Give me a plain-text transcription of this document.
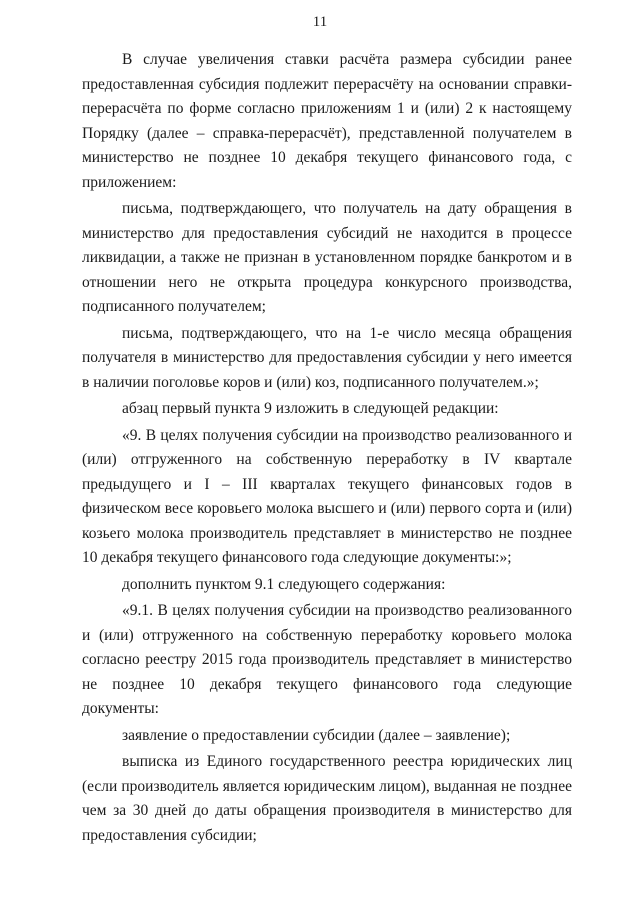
11

В случае увеличения ставки расчёта размера субсидии ранее предоставленная субсидия подлежит перерасчёту на основании справки-перерасчёта по форме согласно приложениям 1 и (или) 2 к настоящему Порядку (далее – справка-перерасчёт), представленной получателем в министерство не позднее 10 декабря текущего финансового года, с приложением:

письма, подтверждающего, что получатель на дату обращения в министерство для предоставления субсидий не находится в процессе ликвидации, а также не признан в установленном порядке банкротом и в отношении него не открыта процедура конкурсного производства, подписанного получателем;

письма, подтверждающего, что на 1-е число месяца обращения получателя в министерство для предоставления субсидии у него имеется в наличии поголовье коров и (или) коз, подписанного получателем.»;

абзац первый пункта 9 изложить в следующей редакции:

«9. В целях получения субсидии на производство реализованного и (или) отгруженного на собственную переработку в IV квартале предыдущего и I – III кварталах текущего финансовых годов в физическом весе коровьего молока высшего и (или) первого сорта и (или) козьего молока производитель представляет в министерство не позднее 10 декабря текущего финансового года следующие документы:»;

дополнить пунктом 9.1 следующего содержания:

«9.1. В целях получения субсидии на производство реализованного и (или) отгруженного на собственную переработку коровьего молока согласно реестру 2015 года производитель представляет в министерство не позднее 10 декабря текущего финансового года следующие документы:

заявление о предоставлении субсидии (далее – заявление);

выписка из Единого государственного реестра юридических лиц (если производитель является юридическим лицом), выданная не позднее чем за 30 дней до даты обращения производителя в министерство для предоставления субсидии;
